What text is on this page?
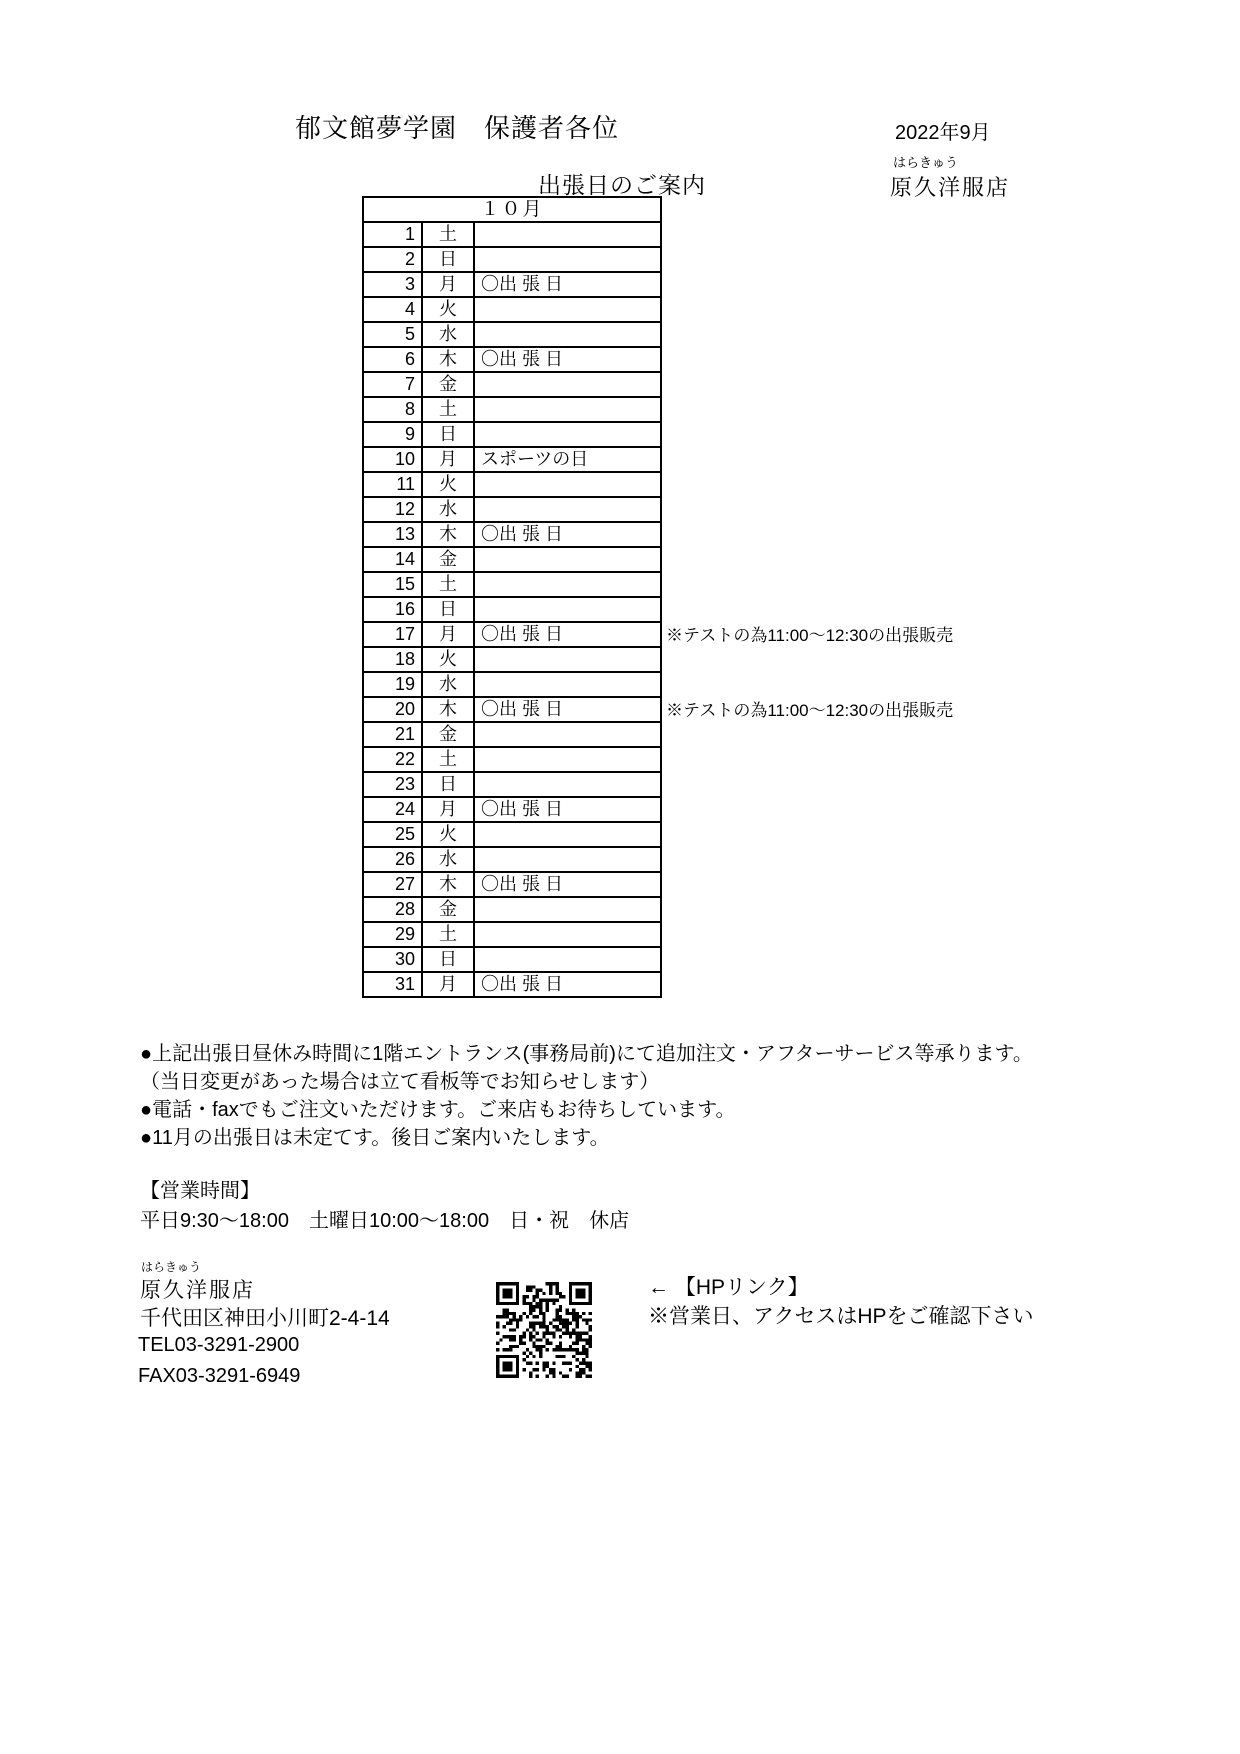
郁文館夢学園　保護者各位	2022年9月
はらきゅう
原久洋服店
出張日のご案内
１０月
1	土
2	日
3	月	〇出 張 日
4	火
5	水
6	木	〇出 張 日
7	金
8	土
9	日
10	月	スポーツの日
11	火
12	水
13	木	〇出 張 日
14	金
15	土
16	日
17	月	〇出 張 日	※テストの為11:00～12:30の出張販売
18	火
19	水
20	木	〇出 張 日	※テストの為11:00～12:30の出張販売
21	金
22	土
23	日
24	月	〇出 張 日
25	火
26	水
27	木	〇出 張 日
28	金
29	土
30	日
31	月	〇出 張 日
●上記出張日昼休み時間に1階エントランス(事務局前)にて追加注文・アフターサービス等承ります。
（当日変更があった場合は立て看板等でお知らせします）
●電話・faxでもご注文いただけます。ご来店もお待ちしています。
●11月の出張日は未定てす。後日ご案内いたします。
【営業時間】
平日9:30～18:00　土曜日10:00～18:00　日・祝　休店
はらきゅう
原久洋服店
千代田区神田小川町2-4-14
TEL03-3291-2900
FAX03-3291-6949
← 【HPリンク】
※営業日、アクセスはHPをご確認下さい
